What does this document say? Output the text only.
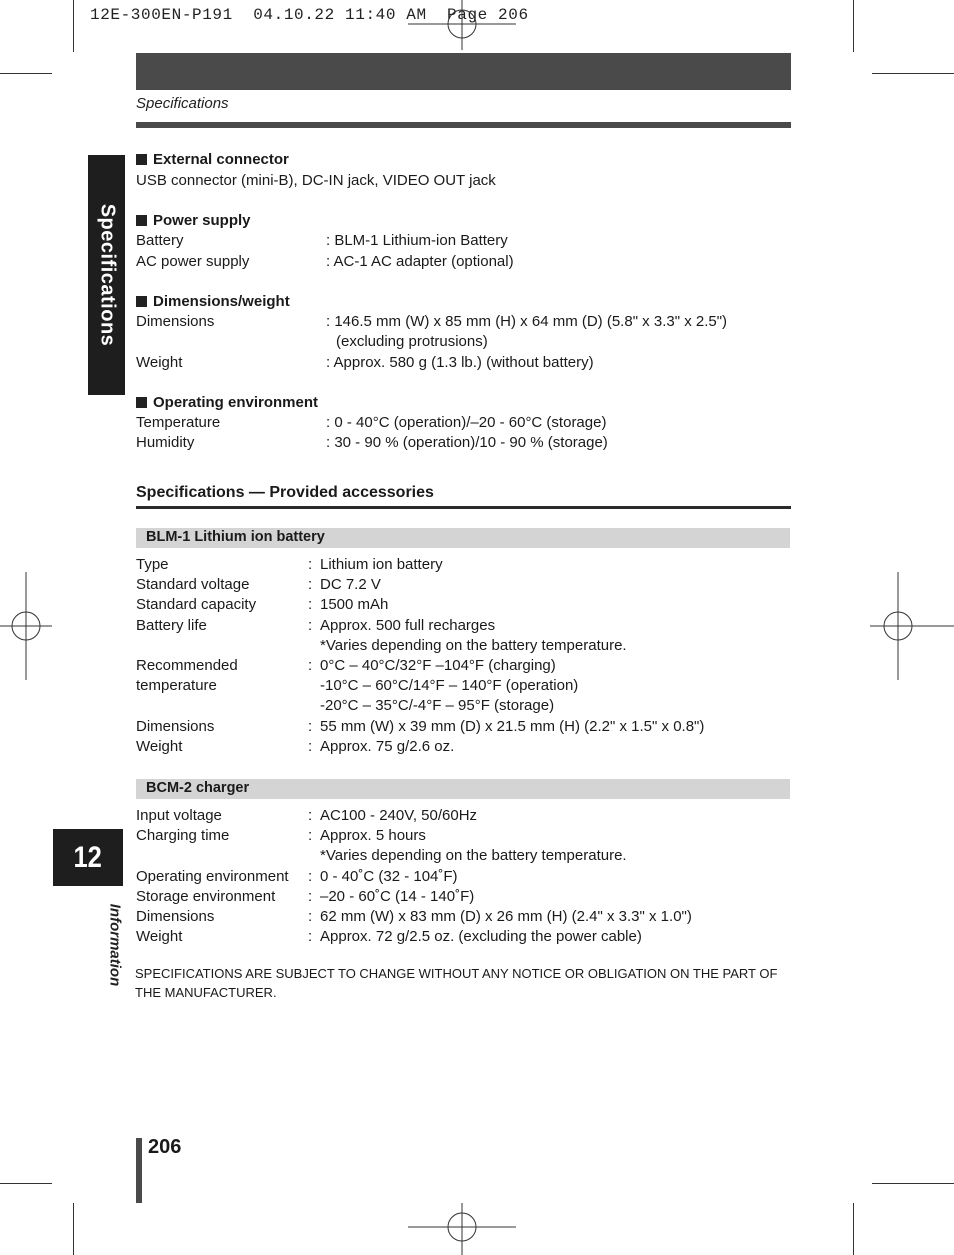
12E-300EN-P191  04.10.22 11:40 AM  Page 206
Specifications
Specifications
12
Information
External connector
USB connector (mini-B), DC-IN jack, VIDEO OUT jack
Power supply
Battery	: BLM-1 Lithium-ion Battery
AC power supply	: AC-1 AC adapter (optional)
Dimensions/weight
Dimensions	: 146.5 mm (W) x 85 mm (H) x 64 mm (D) (5.8" x 3.3" x 2.5")
(excluding protrusions)
Weight	: Approx. 580 g (1.3 lb.) (without battery)
Operating environment
Temperature	: 0 - 40°C (operation)/–20 - 60°C (storage)
Humidity	: 30 - 90 % (operation)/10 - 90 % (storage)
Specifications — Provided accessories
BLM-1 Lithium ion battery
Type	: Lithium ion battery
Standard voltage	: DC 7.2 V
Standard capacity	: 1500 mAh
Battery life	: Approx. 500 full recharges
*Varies depending on the battery temperature.
Recommended	: 0°C – 40°C/32°F –104°F (charging)
temperature	-10°C – 60°C/14°F – 140°F (operation)
-20°C – 35°C/-4°F – 95°F (storage)
Dimensions	: 55 mm (W) x 39 mm (D) x 21.5 mm (H) (2.2" x 1.5" x 0.8")
Weight	: Approx. 75 g/2.6 oz.
BCM-2 charger
Input voltage	: AC100 - 240V, 50/60Hz
Charging time	: Approx. 5 hours
*Varies depending on the battery temperature.
Operating environment : 0 - 40˚C (32 - 104˚F)
Storage environment : –20 - 60˚C (14 - 140˚F)
Dimensions	: 62 mm (W) x 83 mm (D) x 26 mm (H) (2.4" x 3.3" x 1.0")
Weight	: Approx. 72 g/2.5 oz. (excluding the power cable)
SPECIFICATIONS ARE SUBJECT TO CHANGE WITHOUT ANY NOTICE OR OBLIGATION ON THE PART OF THE MANUFACTURER.
206
